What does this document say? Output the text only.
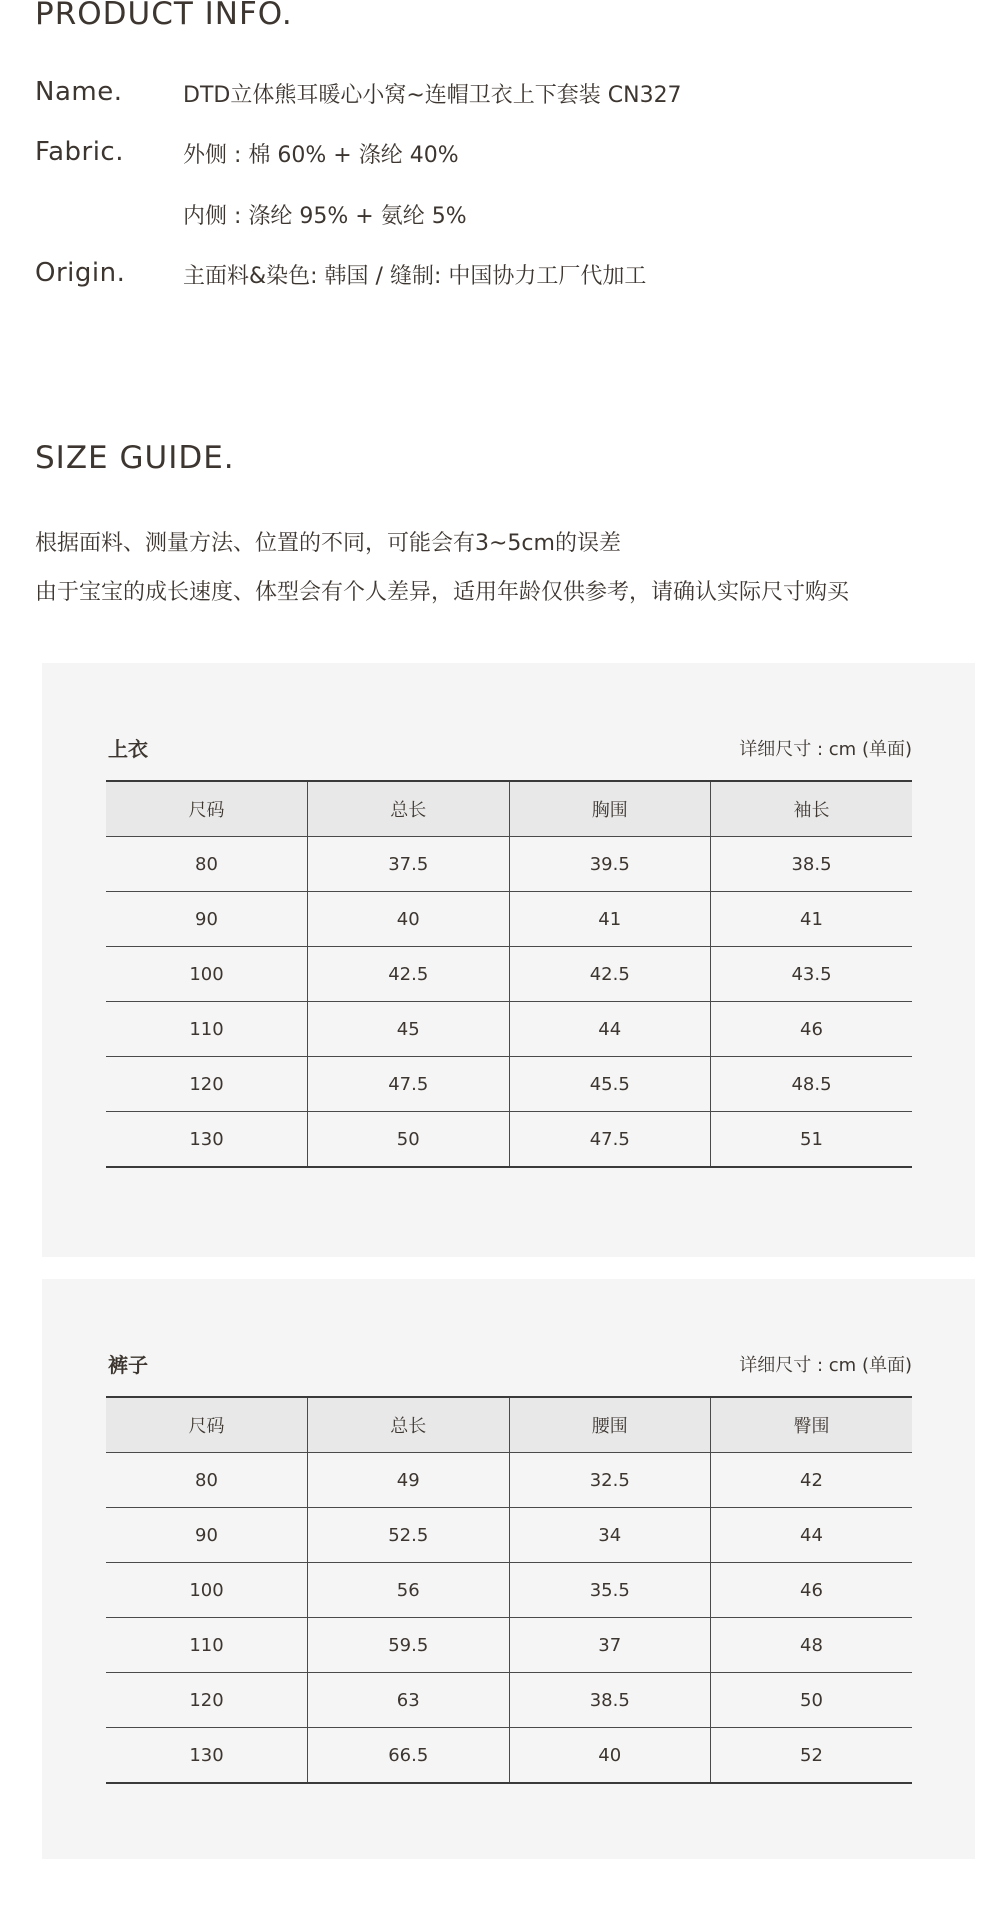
PRODUCT INFO.
Name.	DTD立体熊耳暖心小窝~连帽卫衣上下套装 CN327
Fabric.	外侧 : 棉 60% + 涤纶 40%
内侧 : 涤纶 95% + 氨纶 5%
Origin.	主面料&染色: 韩国 / 缝制: 中国协力工厂代加工
SIZE GUIDE.
根据面料、测量方法、位置的不同，可能会有3~5cm的误差
由于宝宝的成长速度、体型会有个人差异，适用年龄仅供参考，请确认实际尺寸购买
上衣	详细尺寸 : cm (单面)
尺码	总长	胸围	袖长
80	37.5	39.5	38.5
90	40	41	41
100	42.5	42.5	43.5
110	45	44	46
120	47.5	45.5	48.5
130	50	47.5	51
裤子	详细尺寸 : cm (单面)
尺码	总长	腰围	臀围
80	49	32.5	42
90	52.5	34	44
100	56	35.5	46
110	59.5	37	48
120	63	38.5	50
130	66.5	40	52
